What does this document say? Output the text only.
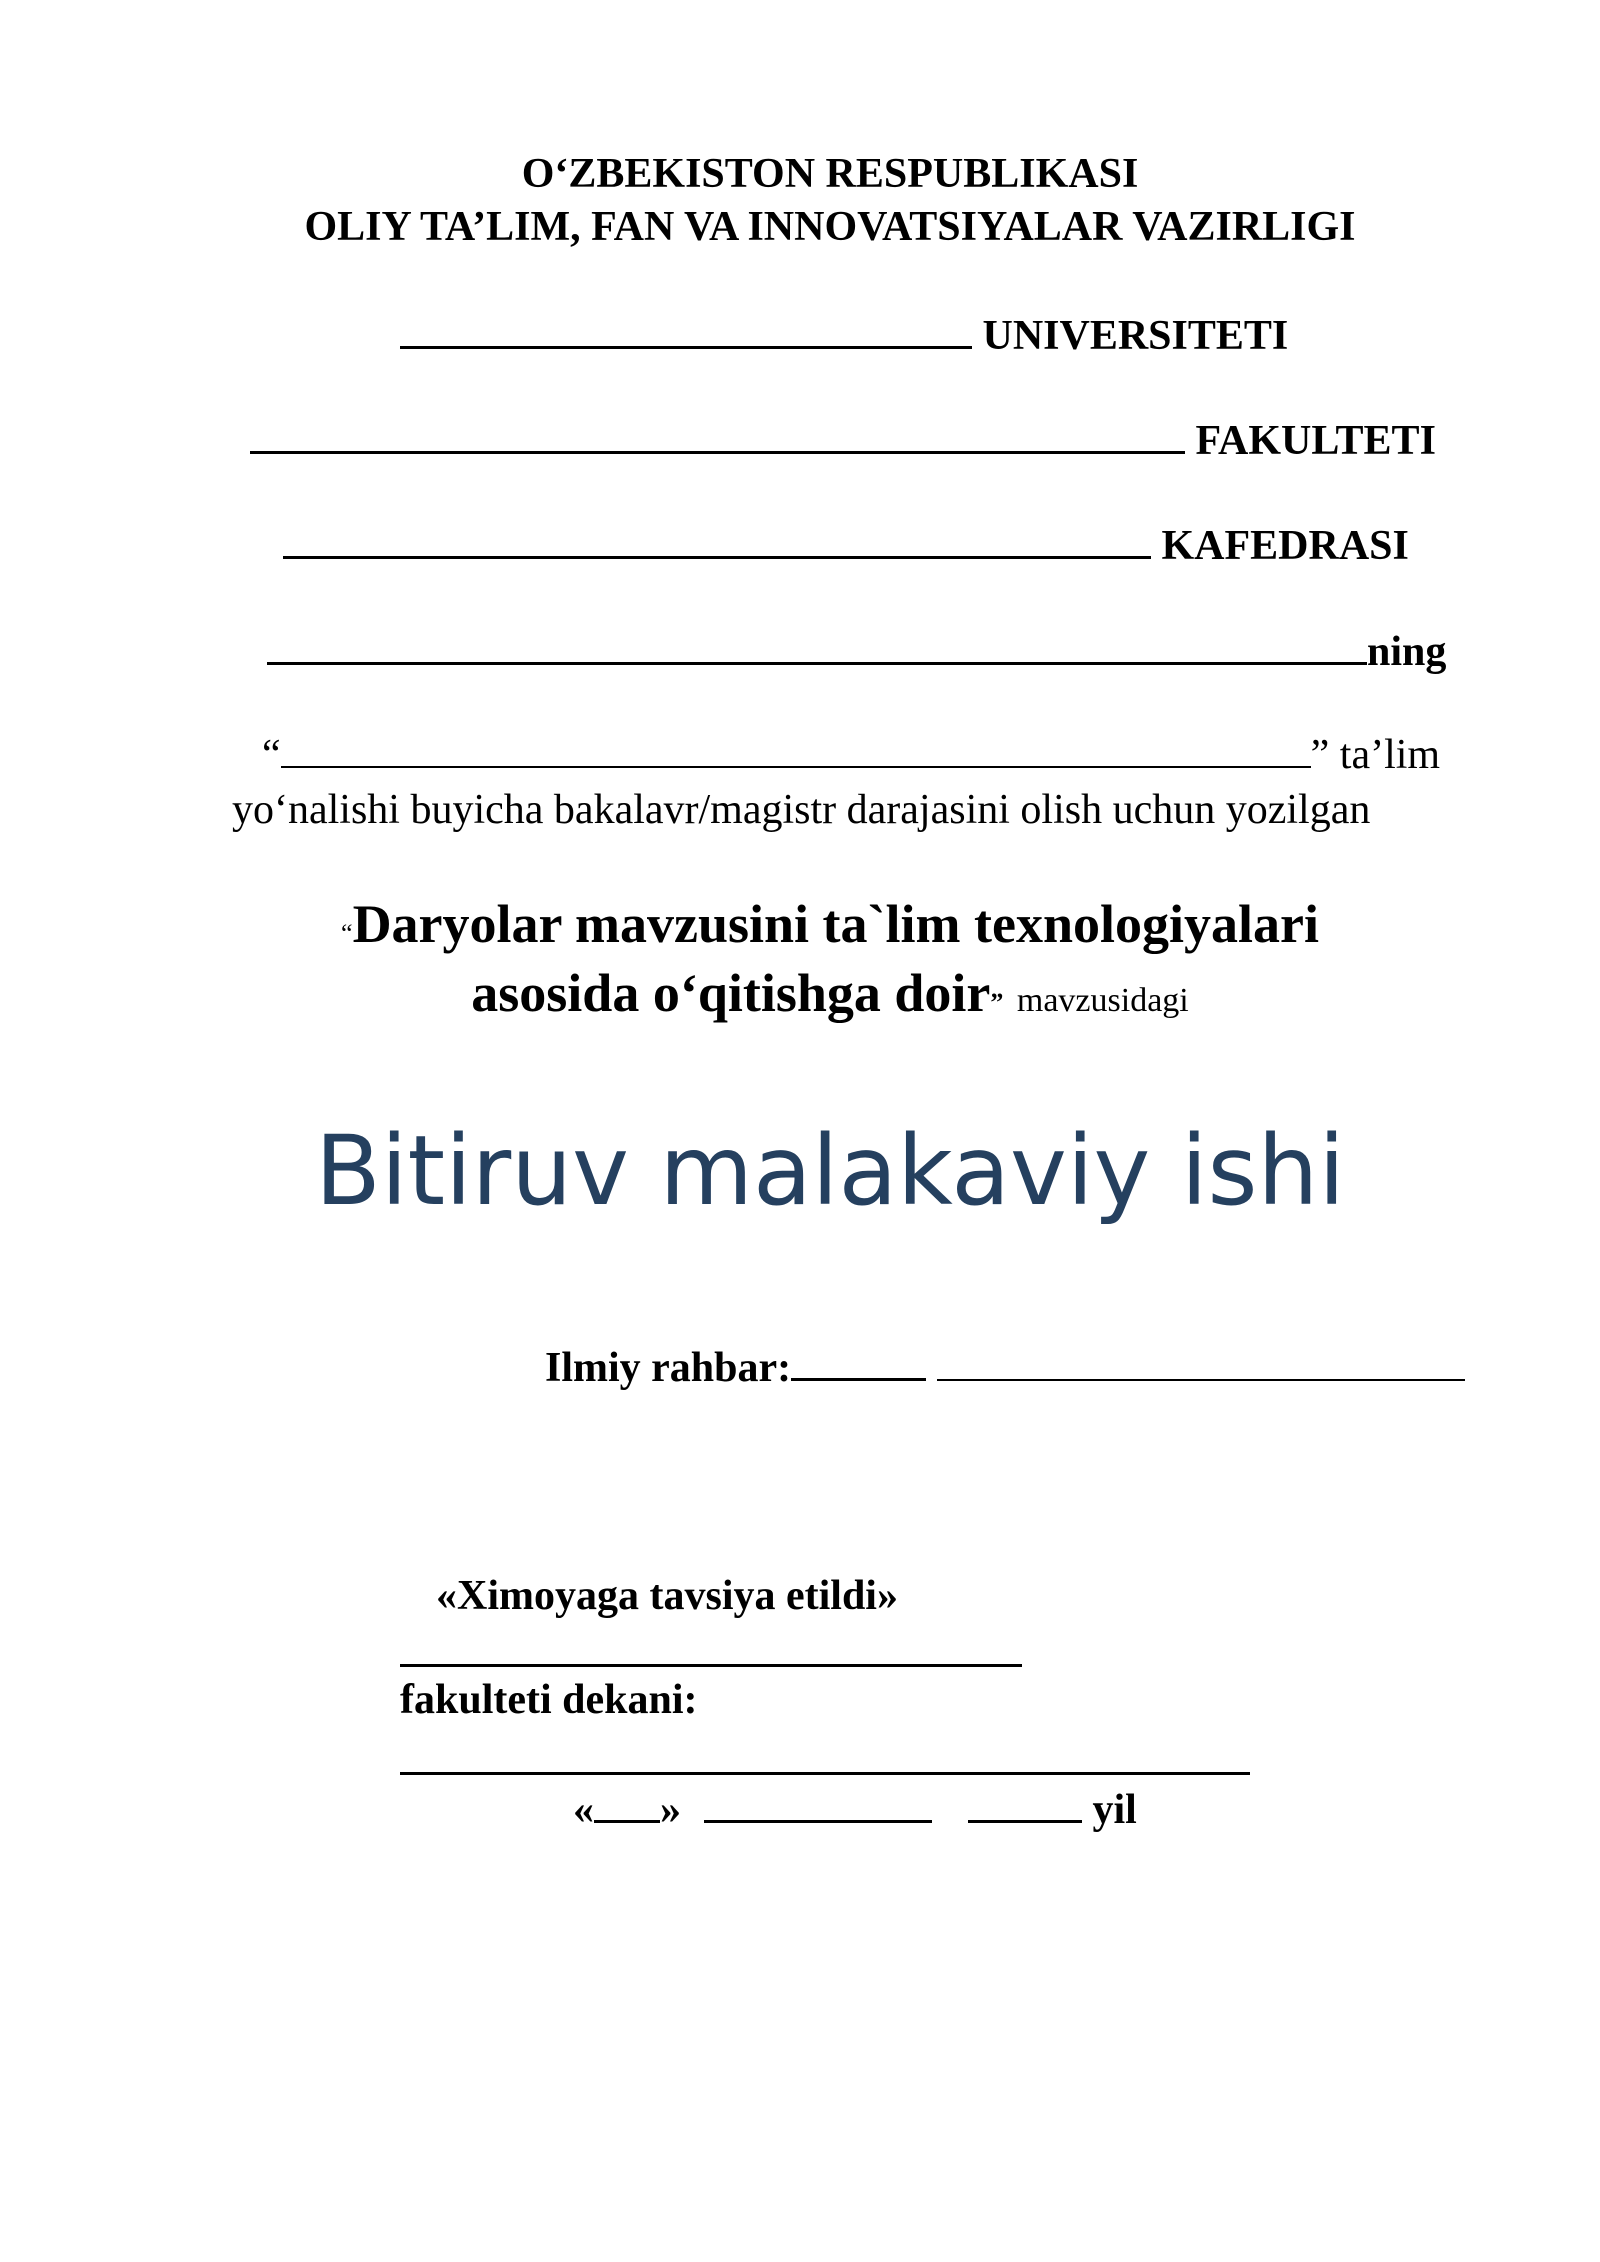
O‘ZBEKISTON RESPUBLIKASI
OLIY TA’LIM, FAN VA INNOVATSIYALAR VAZIRLIGI
UNIVERSITETI
FAKULTETI
KAFEDRASI
ning
“	” ta’lim
yo‘nalishi buyicha bakalavr/magistr darajasini olish uchun yozilgan
“Daryolar mavzusini ta`lim texnologiyalari
asosida o‘qitishga doir” mavzusidagi
Bitiruv malakaviy ishi
Ilmiy rahbar:
«Ximoyaga tavsiya etildi»
fakulteti dekani:
« »	yil
